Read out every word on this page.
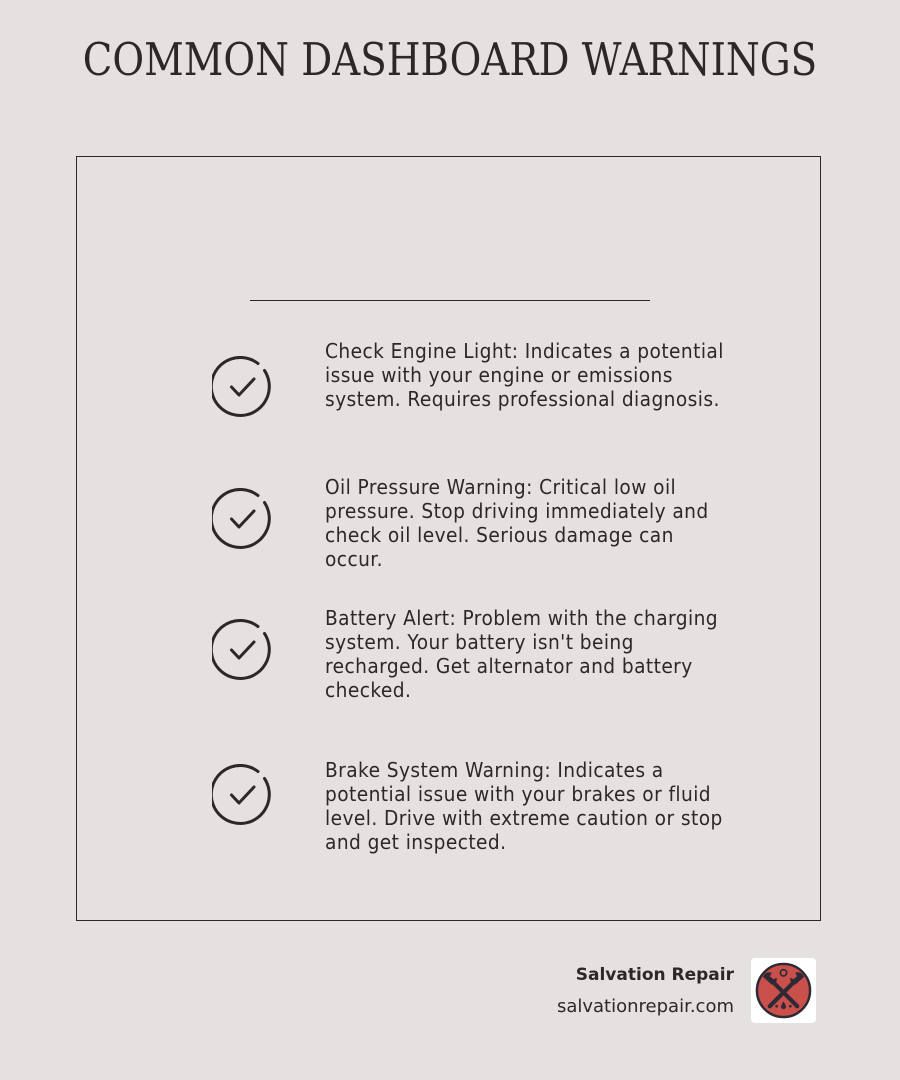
COMMON DASHBOARD WARNINGS
Check Engine Light: Indicates a potential issue with your engine or emissions system. Requires professional diagnosis.
Oil Pressure Warning: Critical low oil pressure. Stop driving immediately and check oil level. Serious damage can occur.
Battery Alert: Problem with the charging system. Your battery isn't being recharged. Get alternator and battery checked.
Brake System Warning: Indicates a potential issue with your brakes or fluid level. Drive with extreme caution or stop and get inspected.
Salvation Repair
salvationrepair.com
